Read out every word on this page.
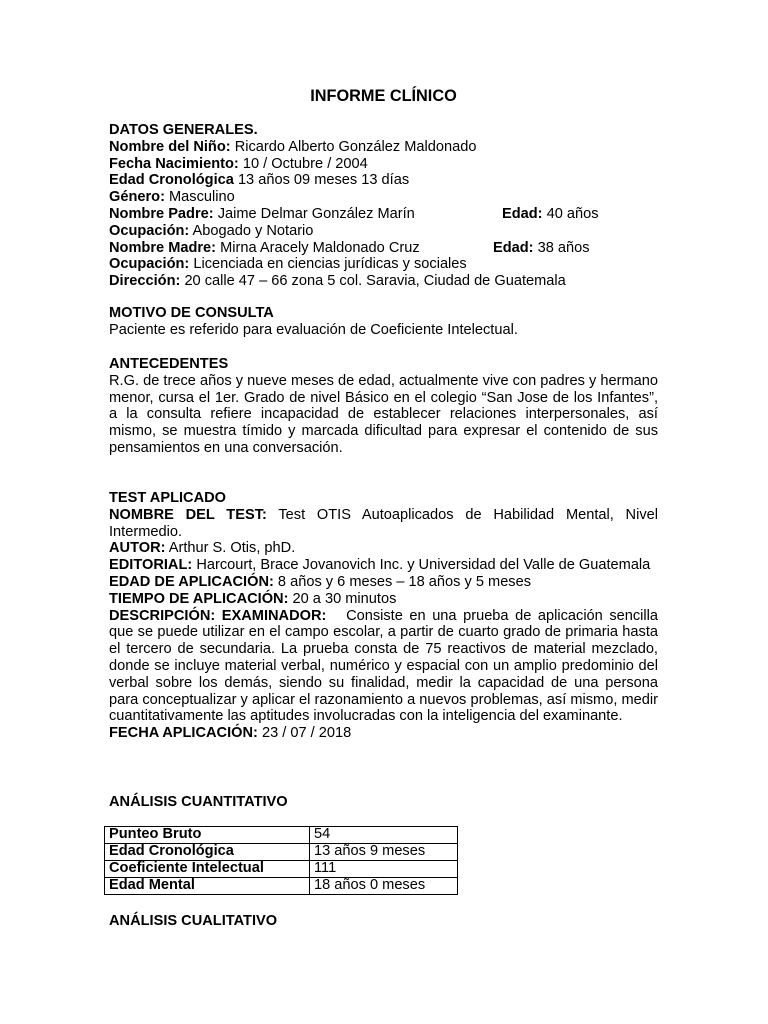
INFORME CLÍNICO
DATOS GENERALES.
Nombre del Niño: Ricardo Alberto González Maldonado
Fecha Nacimiento: 10 / Octubre / 2004
Edad Cronológica 13 años 09 meses 13 días
Género: Masculino
Nombre Padre: Jaime Delmar González Marín	Edad: 40 años
Ocupación: Abogado y Notario
Nombre Madre: Mirna Aracely Maldonado Cruz	Edad: 38 años
Ocupación: Licenciada en ciencias jurídicas y sociales
Dirección: 20 calle 47 – 66 zona 5 col. Saravia, Ciudad de Guatemala
MOTIVO DE CONSULTA
Paciente es referido para evaluación de Coeficiente Intelectual.
ANTECEDENTES
R.G. de trece años y nueve meses de edad, actualmente vive con padres y hermano menor, cursa el 1er. Grado de nivel Básico en el colegio “San Jose de los Infantes”, a la consulta refiere incapacidad de establecer relaciones interpersonales, así mismo, se muestra tímido y marcada dificultad para expresar el contenido de sus pensamientos en una conversación.
TEST APLICADO
NOMBRE DEL TEST: Test OTIS Autoaplicados de Habilidad Mental, Nivel Intermedio.
AUTOR: Arthur S. Otis, phD.
EDITORIAL: Harcourt, Brace Jovanovich Inc. y Universidad del Valle de Guatemala
EDAD DE APLICACIÓN: 8 años y 6 meses – 18 años y 5 meses
TIEMPO DE APLICACIÓN: 20 a 30 minutos
DESCRIPCIÓN: EXAMINADOR: Consiste en una prueba de aplicación sencilla que se puede utilizar en el campo escolar, a partir de cuarto grado de primaria hasta el tercero de secundaria. La prueba consta de 75 reactivos de material mezclado, donde se incluye material verbal, numérico y espacial con un amplio predominio del verbal sobre los demás, siendo su finalidad, medir la capacidad de una persona para conceptualizar y aplicar el razonamiento a nuevos problemas, así mismo, medir cuantitativamente las aptitudes involucradas con la inteligencia del examinante.
FECHA APLICACIÓN: 23 / 07 / 2018
ANÁLISIS CUANTITATIVO
Punteo Bruto	54
Edad Cronológica	13 años 9 meses
Coeficiente Intelectual	111
Edad Mental	18 años 0 meses
ANÁLISIS CUALITATIVO
